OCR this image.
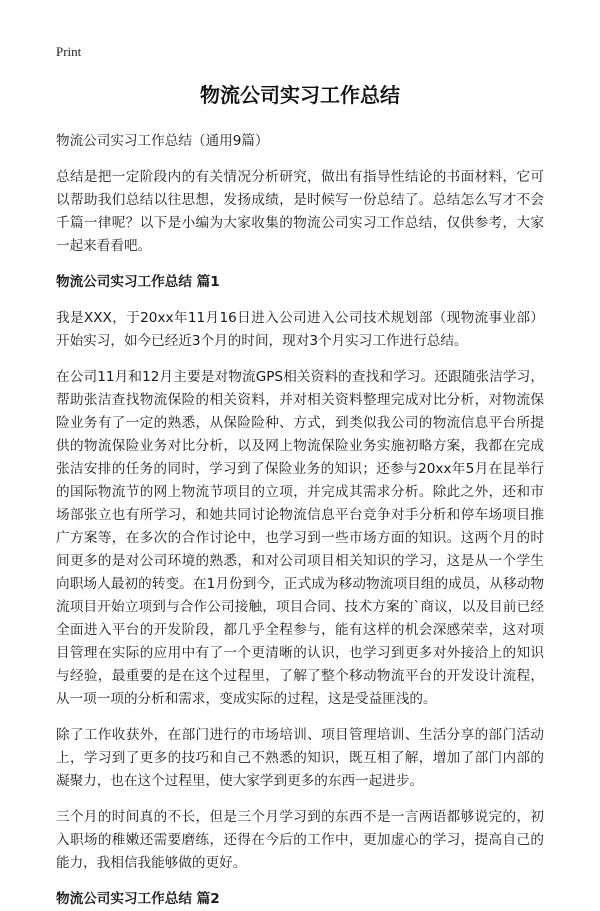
Print
物流公司实习工作总结

物流公司实习工作总结（通用9篇）

总结是把一定阶段内的有关情况分析研究，做出有指导性结论的书面材料，它可以帮助我们总结以往思想，发扬成绩，是时候写一份总结了。总结怎么写才不会千篇一律呢？以下是小编为大家收集的物流公司实习工作总结，仅供参考，大家一起来看看吧。

物流公司实习工作总结 篇1

我是XXX，于20xx年11月16日进入公司进入公司技术规划部（现物流事业部）开始实习，如今已经近3个月的时间，现对3个月实习工作进行总结。

在公司11月和12月主要是对物流GPS相关资料的查找和学习。还跟随张洁学习，帮助张洁查找物流保险的相关资料，并对相关资料整理完成对比分析，对物流保险业务有了一定的熟悉，从保险险种、方式，到类似我公司的物流信息平台所提供的物流保险业务对比分析，以及网上物流保险业务实施初略方案，我都在完成张洁安排的任务的同时，学习到了保险业务的知识；还参与20xx年5月在昆举行的国际物流节的网上物流节项目的立项，并完成其需求分析。除此之外，还和市场部张立也有所学习，和她共同讨论物流信息平台竞争对手分析和停车场项目推广方案等，在多次的合作讨论中，也学习到一些市场方面的知识。这两个月的时间更多的是对公司环境的熟悉，和对公司项目相关知识的学习，这是从一个学生向职场人最初的转变。在1月份到今，正式成为移动物流项目组的成员，从移动物流项目开始立项到与合作公司接触，项目合同、技术方案的`商议，以及目前已经全面进入平台的开发阶段，都几乎全程参与，能有这样的机会深感荣幸，这对项目管理在实际的应用中有了一个更清晰的认识，也学习到更多对外接洽上的知识与经验，最重要的是在这个过程里，了解了整个移动物流平台的开发设计流程，从一项一项的分析和需求，变成实际的过程，这是受益匪浅的。

除了工作收获外，在部门进行的市场培训、项目管理培训、生活分享的部门活动上，学习到了更多的技巧和自己不熟悉的知识，既互相了解，增加了部门内部的凝聚力，也在这个过程里，使大家学到更多的东西一起进步。

三个月的时间真的不长，但是三个月学习到的东西不是一言两语都够说完的，初入职场的稚嫩还需要磨练，还得在今后的工作中，更加虚心的学习，提高自己的能力，我相信我能够做的更好。

物流公司实习工作总结 篇2
